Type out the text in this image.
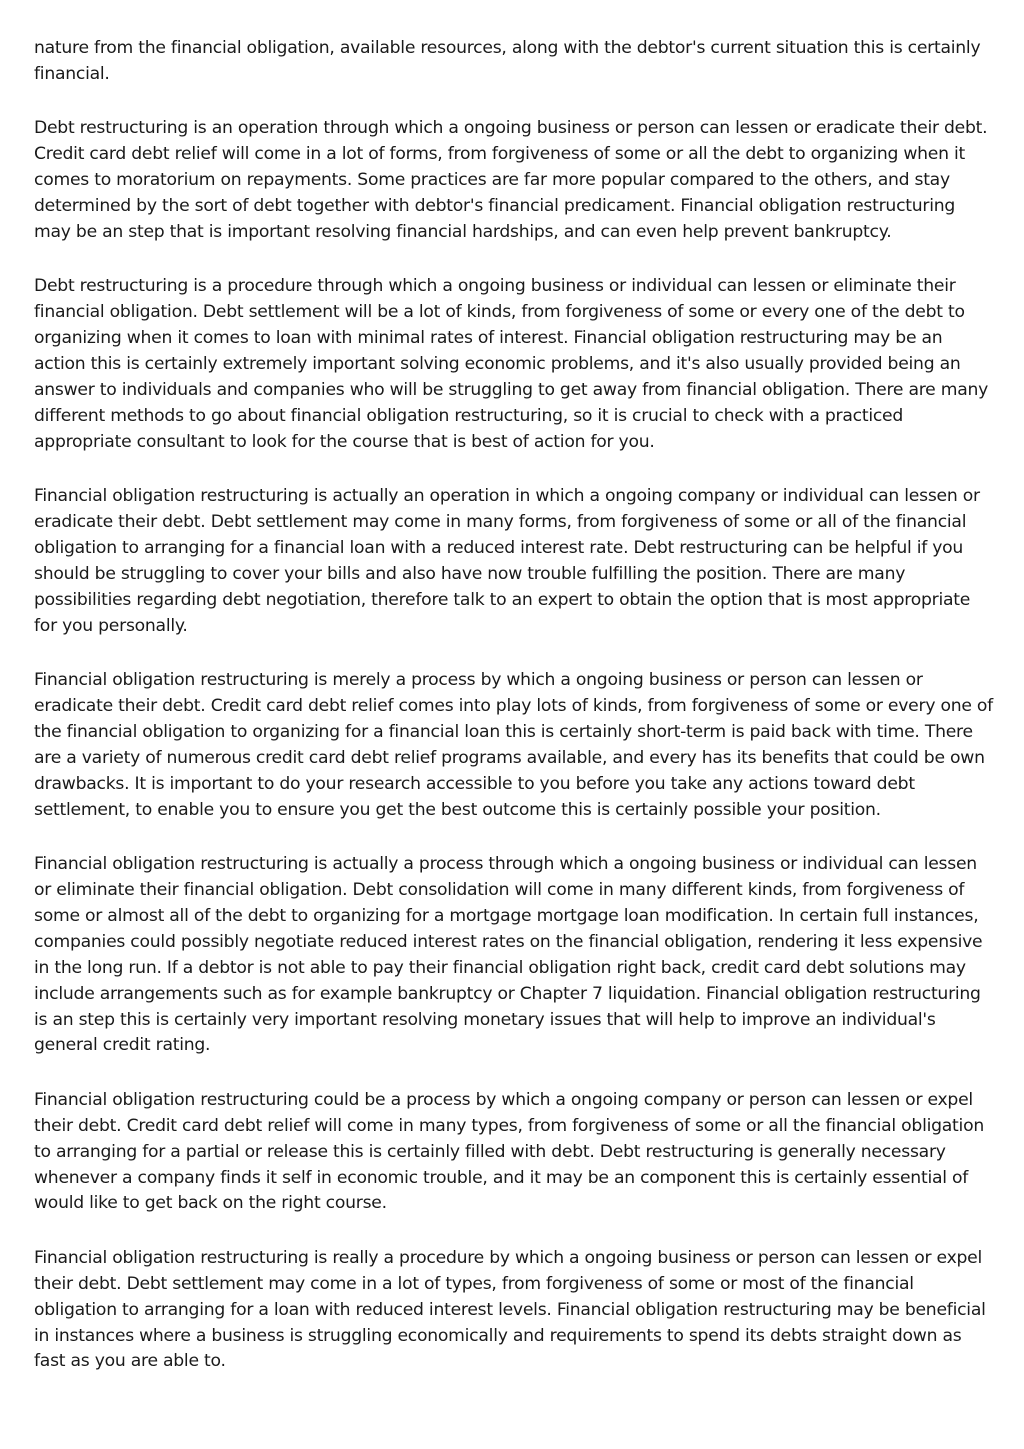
nature from the financial obligation, available resources, along with the debtor's current situation this is certainly financial.

Debt restructuring is an operation through which a ongoing business or person can lessen or eradicate their debt. Credit card debt relief will come in a lot of forms, from forgiveness of some or all the debt to organizing when it comes to moratorium on repayments. Some practices are far more popular compared to the others, and stay determined by the sort of debt together with debtor's financial predicament. Financial obligation restructuring may be an step that is important resolving financial hardships, and can even help prevent bankruptcy.

Debt restructuring is a procedure through which a ongoing business or individual can lessen or eliminate their financial obligation. Debt settlement will be a lot of kinds, from forgiveness of some or every one of the debt to organizing when it comes to loan with minimal rates of interest. Financial obligation restructuring may be an action this is certainly extremely important solving economic problems, and it's also usually provided being an answer to individuals and companies who will be struggling to get away from financial obligation. There are many different methods to go about financial obligation restructuring, so it is crucial to check with a practiced appropriate consultant to look for the course that is best of action for you.

Financial obligation restructuring is actually an operation in which a ongoing company or individual can lessen or eradicate their debt. Debt settlement may come in many forms, from forgiveness of some or all of the financial obligation to arranging for a financial loan with a reduced interest rate. Debt restructuring can be helpful if you should be struggling to cover your bills and also have now trouble fulfilling the position. There are many possibilities regarding debt negotiation, therefore talk to an expert to obtain the option that is most appropriate for you personally.

Financial obligation restructuring is merely a process by which a ongoing business or person can lessen or eradicate their debt. Credit card debt relief comes into play lots of kinds, from forgiveness of some or every one of the financial obligation to organizing for a financial loan this is certainly short-term is paid back with time. There are a variety of numerous credit card debt relief programs available, and every has its benefits that could be own drawbacks. It is important to do your research accessible to you before you take any actions toward debt settlement, to enable you to ensure you get the best outcome this is certainly possible your position.

Financial obligation restructuring is actually a process through which a ongoing business or individual can lessen or eliminate their financial obligation. Debt consolidation will come in many different kinds, from forgiveness of some or almost all of the debt to organizing for a mortgage mortgage loan modification. In certain full instances, companies could possibly negotiate reduced interest rates on the financial obligation, rendering it less expensive in the long run. If a debtor is not able to pay their financial obligation right back, credit card debt solutions may include arrangements such as for example bankruptcy or Chapter 7 liquidation. Financial obligation restructuring is an step this is certainly very important resolving monetary issues that will help to improve an individual's general credit rating.

Financial obligation restructuring could be a process by which a ongoing company or person can lessen or expel their debt. Credit card debt relief will come in many types, from forgiveness of some or all the financial obligation to arranging for a partial or release this is certainly filled with debt. Debt restructuring is generally necessary whenever a company finds it self in economic trouble, and it may be an component this is certainly essential of would like to get back on the right course.

Financial obligation restructuring is really a procedure by which a ongoing business or person can lessen or expel their debt. Debt settlement may come in a lot of types, from forgiveness of some or most of the financial obligation to arranging for a loan with reduced interest levels. Financial obligation restructuring may be beneficial in instances where a business is struggling economically and requirements to spend its debts straight down as fast as you are able to.
